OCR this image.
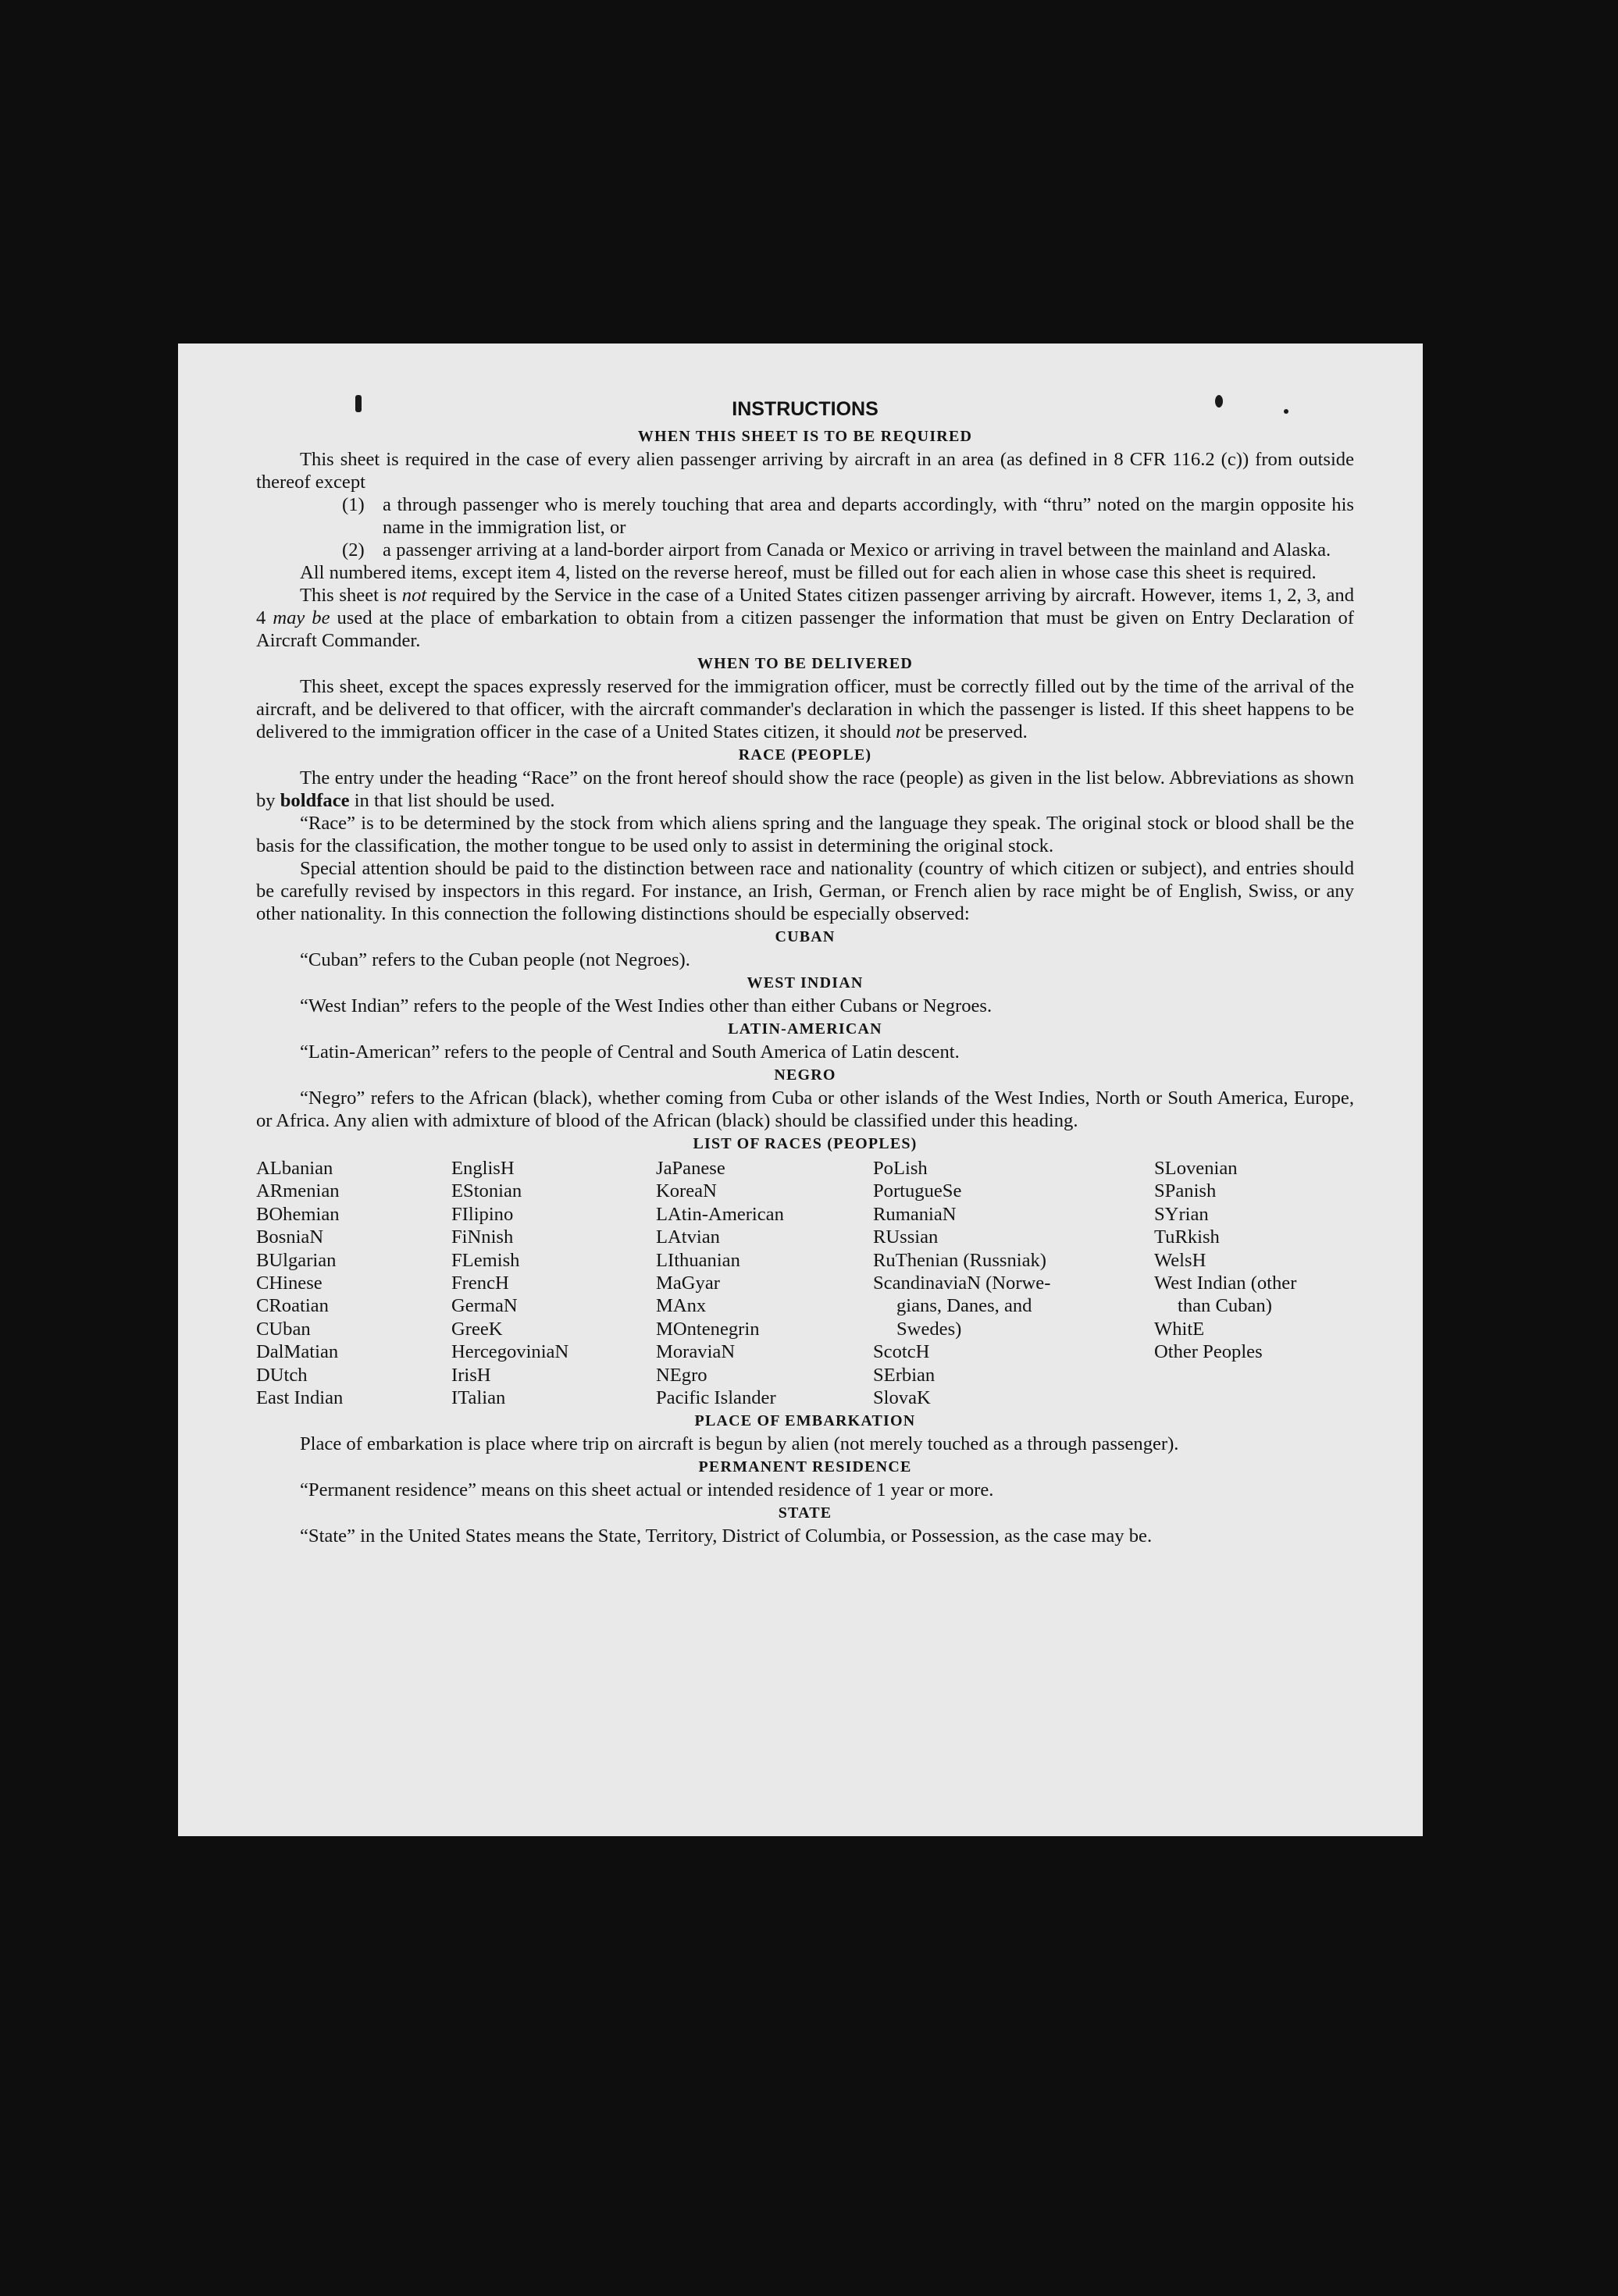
INSTRUCTIONS
WHEN THIS SHEET IS TO BE REQUIRED
This sheet is required in the case of every alien passenger arriving by aircraft in an area (as defined in 8 CFR 116.2 (c)) from outside thereof except
(1) a through passenger who is merely touching that area and departs accordingly, with “thru” noted on the margin opposite his name in the immigration list, or
(2) a passenger arriving at a land-border airport from Canada or Mexico or arriving in travel between the mainland and Alaska.
All numbered items, except item 4, listed on the reverse hereof, must be filled out for each alien in whose case this sheet is required.
This sheet is not required by the Service in the case of a United States citizen passenger arriving by aircraft. However, items 1, 2, 3, and 4 may be used at the place of embarkation to obtain from a citizen passenger the information that must be given on Entry Declaration of Aircraft Commander.
WHEN TO BE DELIVERED
This sheet, except the spaces expressly reserved for the immigration officer, must be correctly filled out by the time of the arrival of the aircraft, and be delivered to that officer, with the aircraft commander's declaration in which the passenger is listed. If this sheet happens to be delivered to the immigration officer in the case of a United States citizen, it should not be preserved.
RACE (PEOPLE)
The entry under the heading “Race” on the front hereof should show the race (people) as given in the list below. Abbreviations as shown by boldface in that list should be used.
“Race” is to be determined by the stock from which aliens spring and the language they speak. The original stock or blood shall be the basis for the classification, the mother tongue to be used only to assist in determining the original stock.
Special attention should be paid to the distinction between race and nationality (country of which citizen or subject), and entries should be carefully revised by inspectors in this regard. For instance, an Irish, German, or French alien by race might be of English, Swiss, or any other nationality. In this connection the following distinctions should be especially observed:
CUBAN
“Cuban” refers to the Cuban people (not Negroes).
WEST INDIAN
“West Indian” refers to the people of the West Indies other than either Cubans or Negroes.
LATIN-AMERICAN
“Latin-American” refers to the people of Central and South America of Latin descent.
NEGRO
“Negro” refers to the African (black), whether coming from Cuba or other islands of the West Indies, North or South America, Europe, or Africa. Any alien with admixture of blood of the African (black) should be classified under this heading.
LIST OF RACES (PEOPLES)
ALbanian
ARmenian
BOhemian
BosniaN
BUlgarian
CHinese
CRoatian
CUban
DalMatian
DUtch
East Indian
EnglisH
EStonian
FIlipino
FiNnish
FLemish
FrencH
GermaN
GreeK
HercegoviniaN
IrisH
ITalian
JaPanese
KoreaN
LAtin-American
LAtvian
LIthuanian
MaGyar
MAnx
MOntenegrin
MoraviaN
NEgro
Pacific Islander
PoLish
PortugueSe
RumaniaN
RUssian
RuThenian (Russniak)
ScandinaviaN (Norwe-
gians, Danes, and
Swedes)
ScotcH
SErbian
SlovaK
SLovenian
SPanish
SYrian
TuRkish
WelsH
West Indian (other
than Cuban)
WhitE
Other Peoples
PLACE OF EMBARKATION
Place of embarkation is place where trip on aircraft is begun by alien (not merely touched as a through passenger).
PERMANENT RESIDENCE
“Permanent residence” means on this sheet actual or intended residence of 1 year or more.
STATE
“State” in the United States means the State, Territory, District of Columbia, or Possession, as the case may be.
